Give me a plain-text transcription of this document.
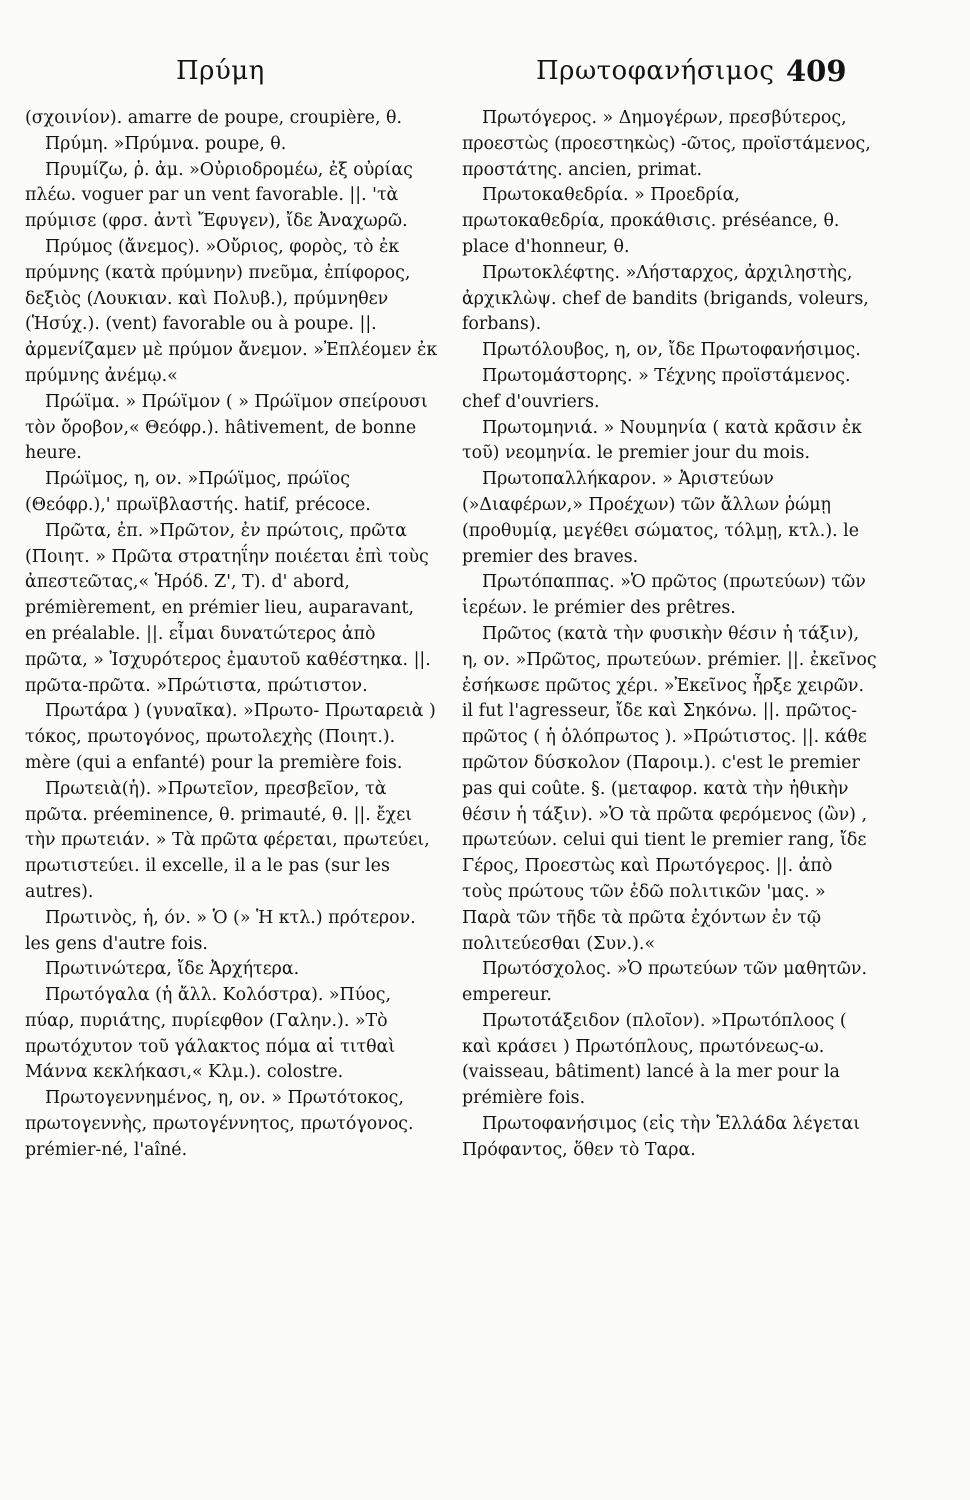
Πρύμη	Πρωτοφανήσιμος 409

(σχοινίον). amarre de poupe, croupière, θ.

Πρύμη. »Πρύμνα. poupe, θ.

Πρυμίζω, ῥ. ἀμ. »Οὐριοδρομέω, ἐξ οὐρίας πλέω. voguer par un vent favorable. ||. 'τὰ πρύμισε (φρσ. ἀντὶ Ἔφυγεν), ἴδε Ἀναχωρῶ.

Πρύμος (ἄνεμος). »Οὔριος, φορὸς, τὸ ἐκ πρύμνης (κατὰ πρύμνην) πνεῦμα, ἐπίφορος, δεξιὸς (Λουκιαν. καὶ Πολυβ.), πρύμνηθεν (Ἡσύχ.). (vent) favorable ou à poupe. ||. ἀρμενίζαμεν μὲ πρύμον ἄνεμον. »Ἐπλέομεν ἐκ πρύμνης ἀνέμῳ.«

Πρώϊμα. » Πρώϊμον ( » Πρώϊμον σπείρουσι τὸν ὄροβον,« Θεόφρ.). hâtivement, de bonne heure.

Πρώϊμος, η, ον. »Πρώϊμος, πρώϊος (Θεόφρ.),' πρωϊβλαστής. hatif, précoce.

Πρῶτα, ἐπ. »Πρῶτον, ἐν πρώτοις, πρῶτα (Ποιητ. » Πρῶτα στρατηΐην ποιέεται ἐπὶ τοὺς ἀπεστεῶτας,« Ἡρόδ. Ζ', Τ). d' abord, prémièrement, en prémier lieu, auparavant, en préalable. ||. εἶμαι δυνατώτερος ἀπὸ πρῶτα, » Ἰσχυρότερος ἐμαυτοῦ καθέστηκα. ||. πρῶτα-πρῶτα. »Πρώτιστα, πρώτιστον.

Πρωτάρα ) (γυναῖκα). »Πρωτο- Πρωταρειὰ ) τόκος, πρωτογόνος, πρωτολεχὴς (Ποιητ.). mère (qui a enfanté) pour la première fois.

Πρωτειὰ(ἡ). »Πρωτεῖον, πρεσβεῖον, τὰ πρῶτα. préeminence, θ. primauté, θ. ||. ἔχει τὴν πρωτειάν. » Τὰ πρῶτα φέρεται, πρωτεύει, πρωτιστεύει. il excelle, il a le pas (sur les autres).

Πρωτινὸς, ἡ, όν. » Ὁ (» Ἡ κτλ.) πρότερον. les gens d'autre fois.

Πρωτινώτερα, ἴδε Ἀρχήτερα.

Πρωτόγαλα (ἡ ἄλλ. Κολόστρα). »Πύος, πύαρ, πυριάτης, πυρίεφθον (Γαλην.). »Τὸ πρωτόχυτον τοῦ γάλακτος πόμα αἱ τιτθαὶ Μάννα κεκλήκασι,« Κλμ.). colostre.

Πρωτογεννημένος, η, ον. » Πρωτότοκος, πρωτογεννὴς, πρωτογέννητος, πρωτόγονος. prémier-né, l'aîné.

Πρωτόγερος. » Δημογέρων, πρεσβύτερος, προεστὼς (προεστηκὼς) -ῶτος, προϊστάμενος, προστάτης. ancien, primat.

Πρωτοκαθεδρία. » Προεδρία, πρωτοκαθεδρία, προκάθισις. préséance, θ. place d'honneur, θ.

Πρωτοκλέφτης. »Λήσταρχος, ἀρχιληστὴς, ἀρχικλὼψ. chef de bandits (brigands, voleurs, forbans).

Πρωτόλουβος, η, ον, ἴδε Πρωτοφανήσιμος.

Πρωτομάστορης. » Τέχνης προϊστάμενος. chef d'ouvriers.

Πρωτομηνιά. » Νουμηνία ( κατὰ κρᾶσιν ἐκ τοῦ) νεομηνία. le premier jour du mois.

Πρωτοπαλλήκαρον. » Ἀριστεύων (»Διαφέρων,» Προέχων) τῶν ἄλλων ῥώμῃ (προθυμίᾳ, μεγέθει σώματος, τόλμῃ, κτλ.). le premier des braves.

Πρωτόπαππας. »Ὁ πρῶτος (πρωτεύων) τῶν ἱερέων. le prémier des prêtres.

Πρῶτος (κατὰ τὴν φυσικὴν θέσιν ἡ τάξιν), η, ον. »Πρῶτος, πρωτεύων. prémier. ||. ἐκεῖνος ἐσήκωσε πρῶτος χέρι. »Ἐκεῖνος ἦρξε χειρῶν. il fut l'agresseur, ἴδε καὶ Σηκόνω. ||. πρῶτος-πρῶτος ( ἡ ὁλόπρωτος ). »Πρώτιστος. ||. κάθε πρῶτον δύσκολον (Παροιμ.). c'est le premier pas qui coûte. §. (μεταφορ. κατὰ τὴν ἠθικὴν θέσιν ἡ τάξιν). »Ὁ τὰ πρῶτα φερόμενος (ὢν) , πρωτεύων. celui qui tient le premier rang, ἴδε Γέρος, Προεστὼς καὶ Πρωτόγερος. ||. ἀπὸ τοὺς πρώτους τῶν ἐδῶ πολιτικῶν 'μας. » Παρὰ τῶν τῆδε τὰ πρῶτα ἐχόντων ἐν τῷ πολιτεύεσθαι (Συν.).«

Πρωτόσχολος. »Ὁ πρωτεύων τῶν μαθητῶν. empereur.

Πρωτοτάξειδον (πλοῖον). »Πρωτόπλοος ( καὶ κράσει ) Πρωτόπλους, πρωτόνεως-ω. (vaisseau, bâtiment) lancé à la mer pour la prémière fois.

Πρωτοφανήσιμος (εἰς τὴν Ἑλλάδα λέγεται Πρόφαντος, ὅθεν τὸ Ταρα.
